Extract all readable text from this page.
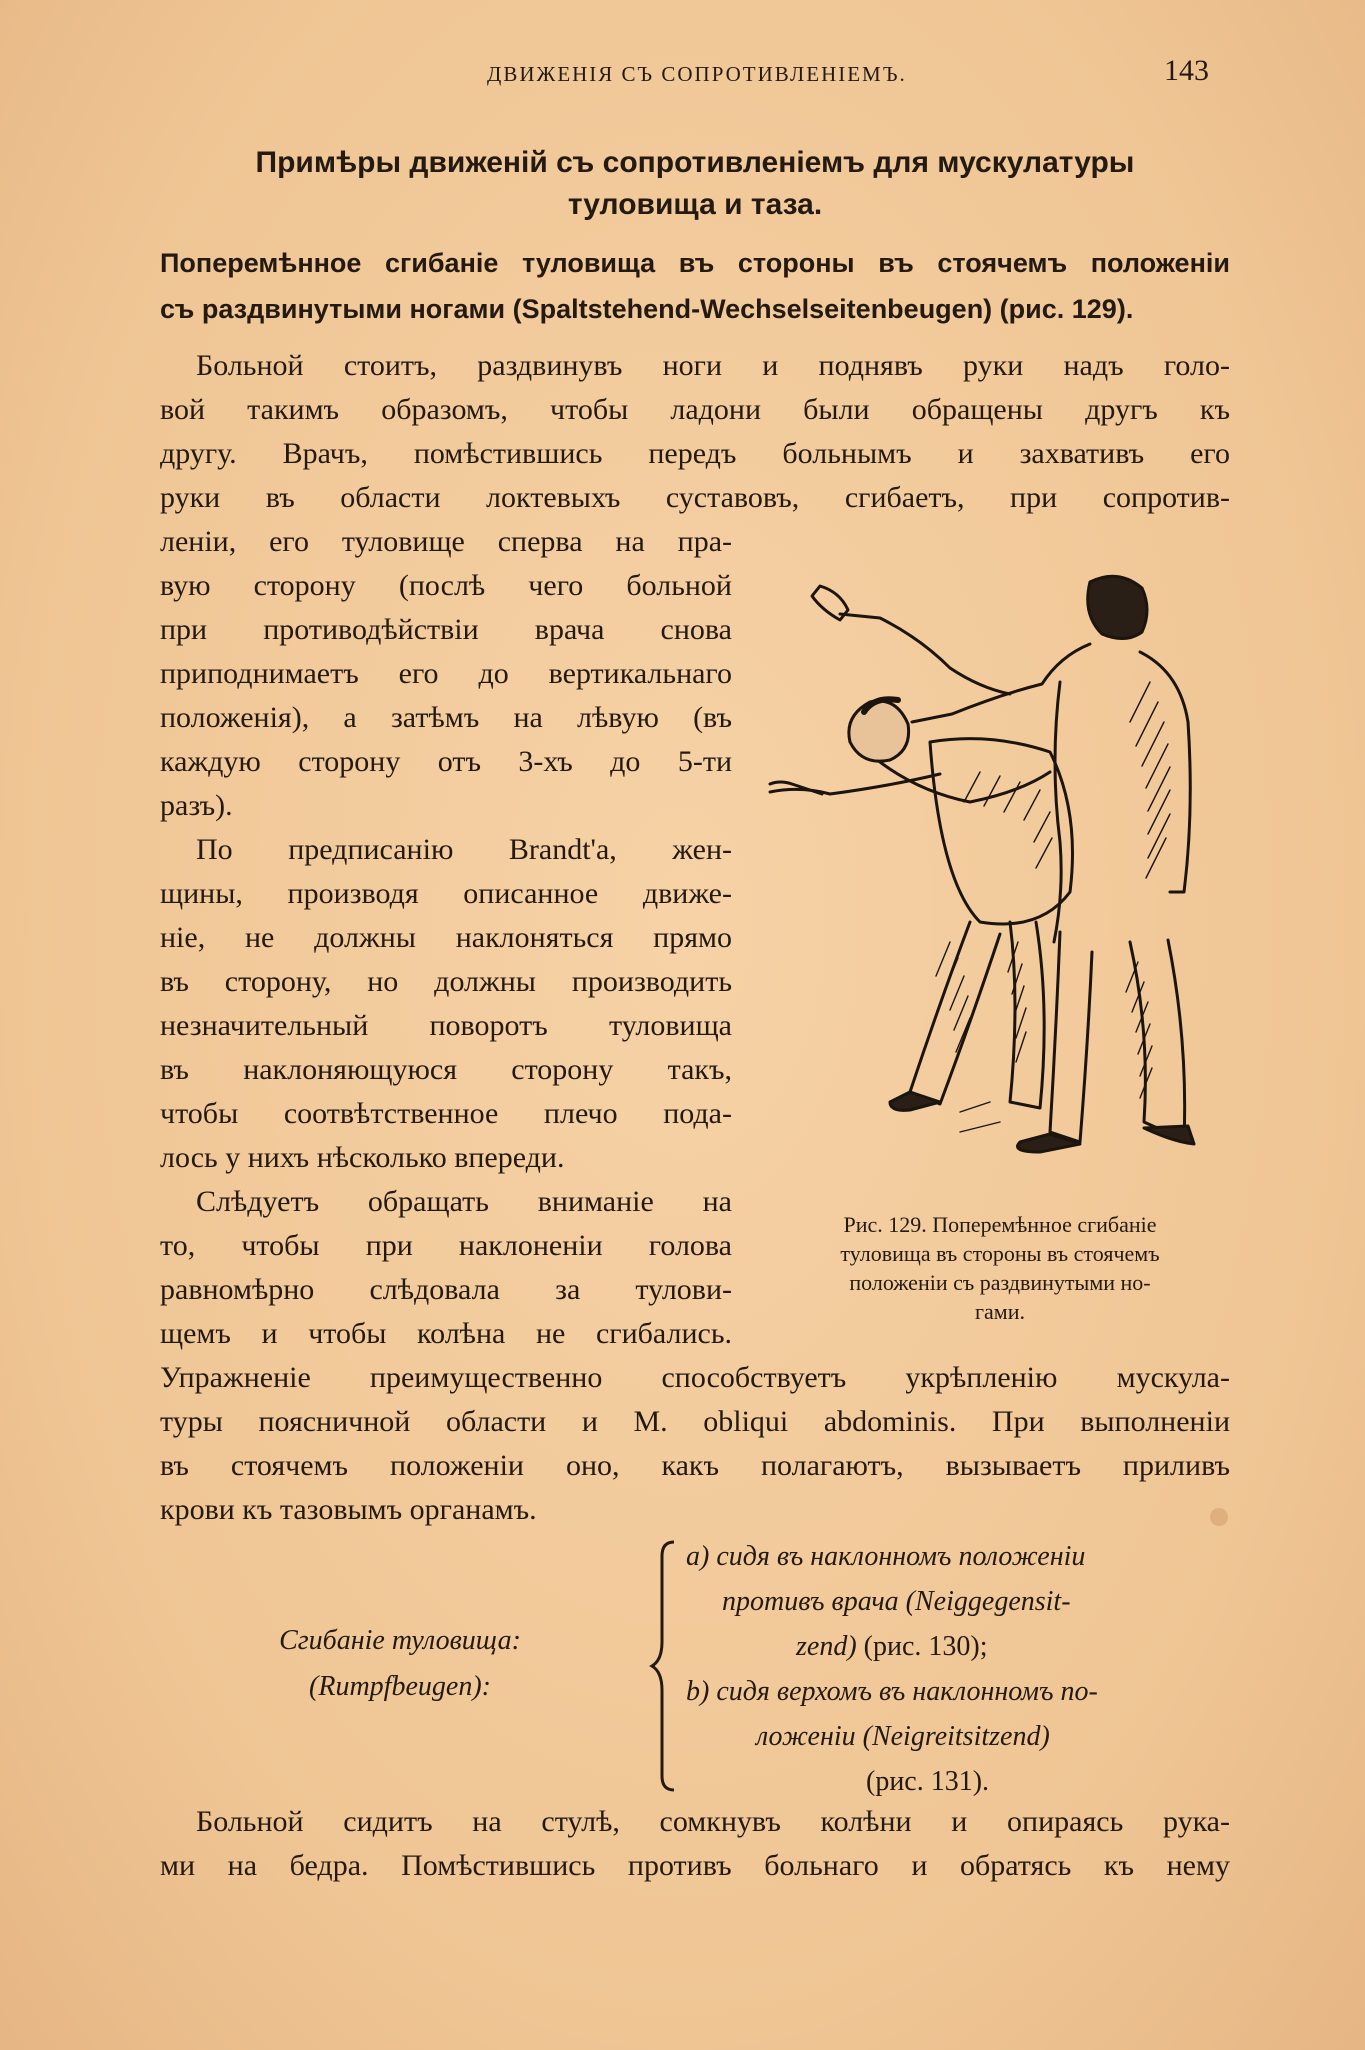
ДВИЖЕНІЯ СЪ СОПРОТИВЛЕНІЕМЪ.	143
Примѣры движеній съ сопротивленіемъ для мускулатуры
туловища и таза.
Поперемѣнное сгибаніе туловища въ стороны въ стоячемъ положеніи
съ раздвинутыми ногами (Spaltstehend-Wechselseitenbeugen) (рис. 129).
Больной стоитъ, раздвинувъ ноги и поднявъ руки надъ голо-
вой такимъ образомъ, чтобы ладони были обращены другъ къ
другу. Врачъ, помѣстившись передъ больнымъ и захвативъ его
руки въ области локтевыхъ суставовъ, сгибаетъ, при сопротив-
леніи, его туловище сперва на пра-
вую сторону (послѣ чего больной
при противодѣйствіи врача снова
приподнимаетъ его до вертикальнаго
положенія), а затѣмъ на лѣвую (въ
каждую сторону отъ 3-хъ до 5-ти
разъ).
По предписанію Brandt'а, жен-
щины, производя описанное движе-
ніе, не должны наклоняться прямо
въ сторону, но должны производить
незначительный поворотъ туловища
въ наклоняющуюся сторону такъ,
чтобы соотвѣтственное плечо пода-
лось у нихъ нѣсколько впереди.
Слѣдуетъ обращать вниманіе на
то, чтобы при наклоненіи голова
равномѣрно слѣдовала за тулови-
щемъ и чтобы колѣна не сгибались.
Упражненіе преимущественно способствуетъ укрѣпленію мускула-
туры поясничной области и M. obliqui abdominis. При выполненіи
въ стоячемъ положеніи оно, какъ полагаютъ, вызываетъ приливъ
крови къ тазовымъ органамъ.
Рис. 129. Поперемѣнное сгибаніе
туловища въ стороны въ стоячемъ
положеніи съ раздвинутыми но-
гами.
Сгибаніе туловища:
(Rumpfbeugen):
a) сидя въ наклонномъ положеніи
противъ врача (Neiggegensit-
zend) (рис. 130);
b) сидя верхомъ въ наклонномъ по-
ложеніи (Neigreitsitzend)
(рис. 131).
Больной сидитъ на стулѣ, сомкнувъ колѣни и опираясь рука-
ми на бедра. Помѣстившись противъ больнаго и обратясь къ нему
